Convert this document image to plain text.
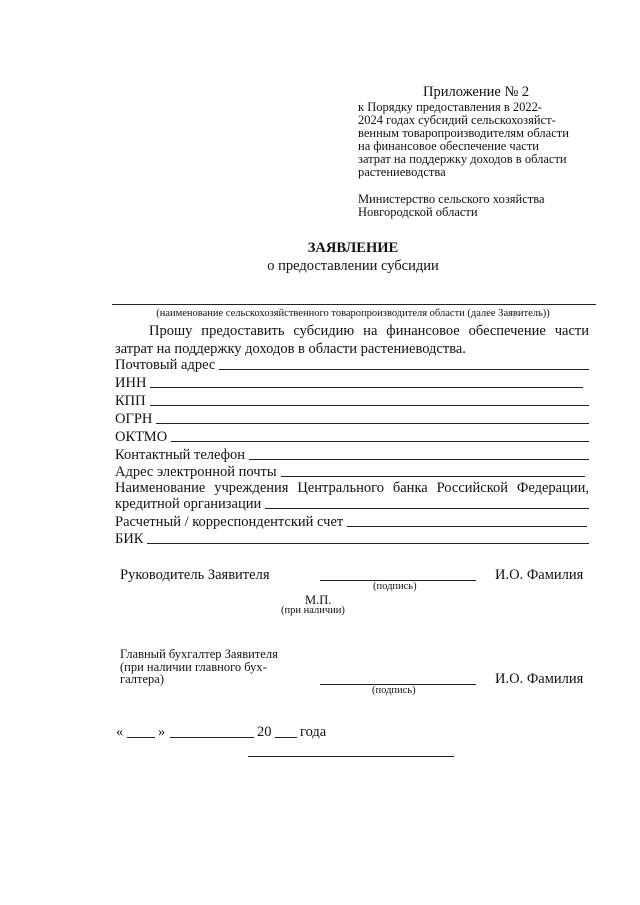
Приложение № 2
к Порядку предоставления в 2022-
2024 годах субсидий сельскохозяйст-
венным товаропроизводителям области
на финансовое обеспечение части
затрат на поддержку доходов в области
растениеводства
Министерство сельского хозяйства
Новгородской области
ЗАЯВЛЕНИЕ
о предоставлении субсидии
(наименование сельскохозяйственного товаропроизводителя области (далее Заявитель))
Прошу предоставить субсидию на финансовое обеспечение части
затрат на поддержку доходов в области растениеводства.
Почтовый адрес
ИНН
КПП
ОГРН
ОКТМО
Контактный телефон
Адрес электронной почты
Наименование учреждения Центрального банка Российской Федерации,
кредитной организации
Расчетный / корреспондентский счет
БИК
Руководитель Заявителя
(подпись)
И.О. Фамилия
М.П.
(при наличии)
Главный бухгалтер Заявителя
(при наличии главного бух-
галтера)
(подпись)
И.О. Фамилия
« »	20 года
